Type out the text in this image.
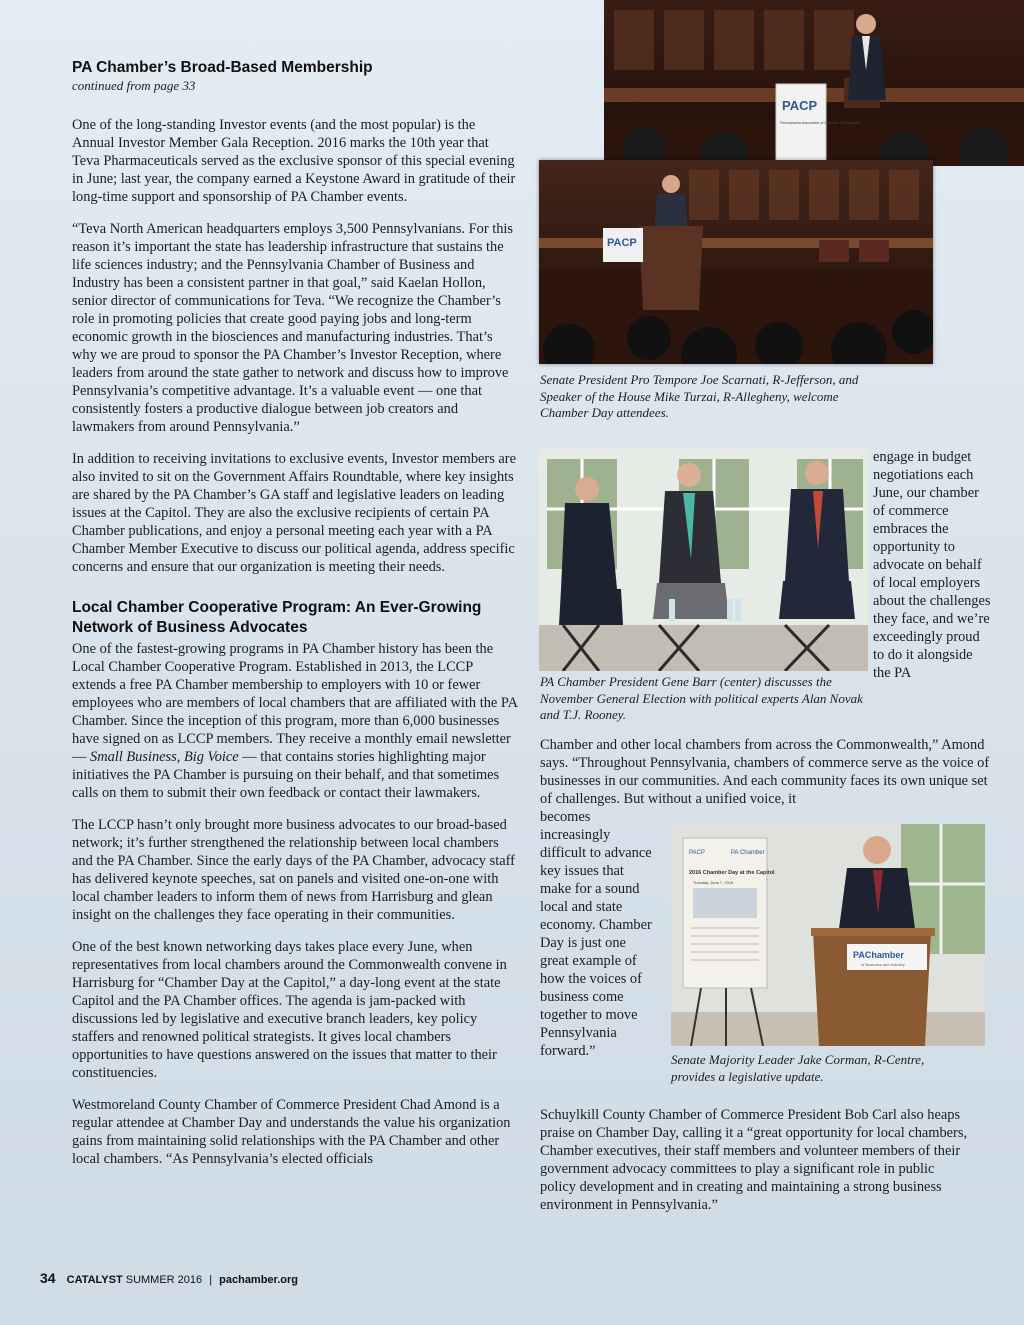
PA Chamber’s Broad-Based Membership

continued from page 33

One of the long-standing Investor events (and the most popular) is the Annual Investor Member Gala Reception. 2016 marks the 10th year that Teva Pharmaceuticals served as the exclusive sponsor of this special evening in June; last year, the company earned a Keystone Award in gratitude of their long-time support and sponsorship of PA Chamber events.

“Teva North American headquarters employs 3,500 Pennsylvanians. For this reason it’s important the state has leadership infrastructure that sustains the life sciences industry; and the Pennsylvania Chamber of Business and Industry has been a consistent partner in that goal,” said Kaelan Hollon, senior director of communications for Teva. “We recognize the Chamber’s role in promoting policies that create good paying jobs and long-term economic growth in the biosciences and manufacturing industries. That’s why we are proud to sponsor the PA Chamber’s Investor Reception, where leaders from around the state gather to network and discuss how to improve Pennsylvania’s competitive advantage. It’s a valuable event — one that consistently fosters a productive dialogue between job creators and lawmakers from around Pennsylvania.”

In addition to receiving invitations to exclusive events, Investor members are also invited to sit on the Government Affairs Roundtable, where key insights are shared by the PA Chamber’s GA staff and legislative leaders on leading issues at the Capitol. They are also the exclusive recipients of certain PA Chamber publications, and enjoy a personal meeting each year with a PA Chamber Member Executive to discuss our political agenda, address specific concerns and ensure that our organization is meeting their needs.

Local Chamber Cooperative Program: An Ever-Growing Network of Business Advocates

One of the fastest-growing programs in PA Chamber history has been the Local Chamber Cooperative Program. Established in 2013, the LCCP extends a free PA Chamber membership to employers with 10 or fewer employees who are members of local chambers that are affiliated with the PA Chamber. Since the inception of this program, more than 6,000 businesses have signed on as LCCP members. They receive a monthly email newsletter — Small Business, Big Voice — that contains stories highlighting major initiatives the PA Chamber is pursuing on their behalf, and that sometimes calls on them to submit their own feedback or contact their lawmakers.

The LCCP hasn’t only brought more business advocates to our broad-based network; it’s further strengthened the relationship between local chambers and the PA Chamber. Since the early days of the PA Chamber, advocacy staff has delivered keynote speeches, sat on panels and visited one-on-one with local chamber leaders to inform them of news from Harrisburg and glean insight on the challenges they face operating in their communities.

One of the best known networking days takes place every June, when representatives from local chambers around the Commonwealth convene in Harrisburg for “Chamber Day at the Capitol,” a day-long event at the state Capitol and the PA Chamber offices. The agenda is jam-packed with discussions led by legislative and executive branch leaders, key policy staffers and renowned political strategists. It gives local chambers opportunities to have questions answered on the issues that matter to their constituencies.

Westmoreland County Chamber of Commerce President Chad Amond is a regular attendee at Chamber Day and understands the value his organization gains from maintaining solid relationships with the PA Chamber and other local chambers. “As Pennsylvania’s elected officials

PACP
Pennsylvania Association of Chamber Professionals
PACP
Senate President Pro Tempore Joe Scarnati, R-Jefferson, and Speaker of the House Mike Turzai, R-Allegheny, welcome Chamber Day attendees.
PA Chamber President Gene Barr (center) discusses the November General Election with political experts Alan Novak and T.J. Rooney.

engage in budget negotiations each June, our chamber of commerce embraces the opportunity to advocate on behalf of local employers about the challenges they face, and we’re exceedingly proud to do it alongside the PA

Chamber and other local chambers from across the Commonwealth,” Amond says. “Throughout Pennsylvania, chambers of commerce serve as the voice of businesses in our communities. And each community faces its own unique set of challenges. But without a unified voice, it

becomes increasingly difficult to advance key issues that make for a sound local and state economy. Chamber Day is just one great example of how the voices of business come together to move Pennsylvania forward.”

PACP	PA Chamber
2016 Chamber Day at the Capitol
Tuesday, June 7, 2016
PAChamber
of Business and Industry
Senate Majority Leader Jake Corman, R-Centre, provides a legislative update.

Schuylkill County Chamber of Commerce President Bob Carl also heaps praise on Chamber Day, calling it a “great opportunity for local chambers, Chamber executives, their staff members and volunteer members of their government advocacy committees to play a significant role in public policy development and in creating and maintaining a strong business environment in Pennsylvania.”

34 CATALYST SUMMER 2016 | pachamber.org
